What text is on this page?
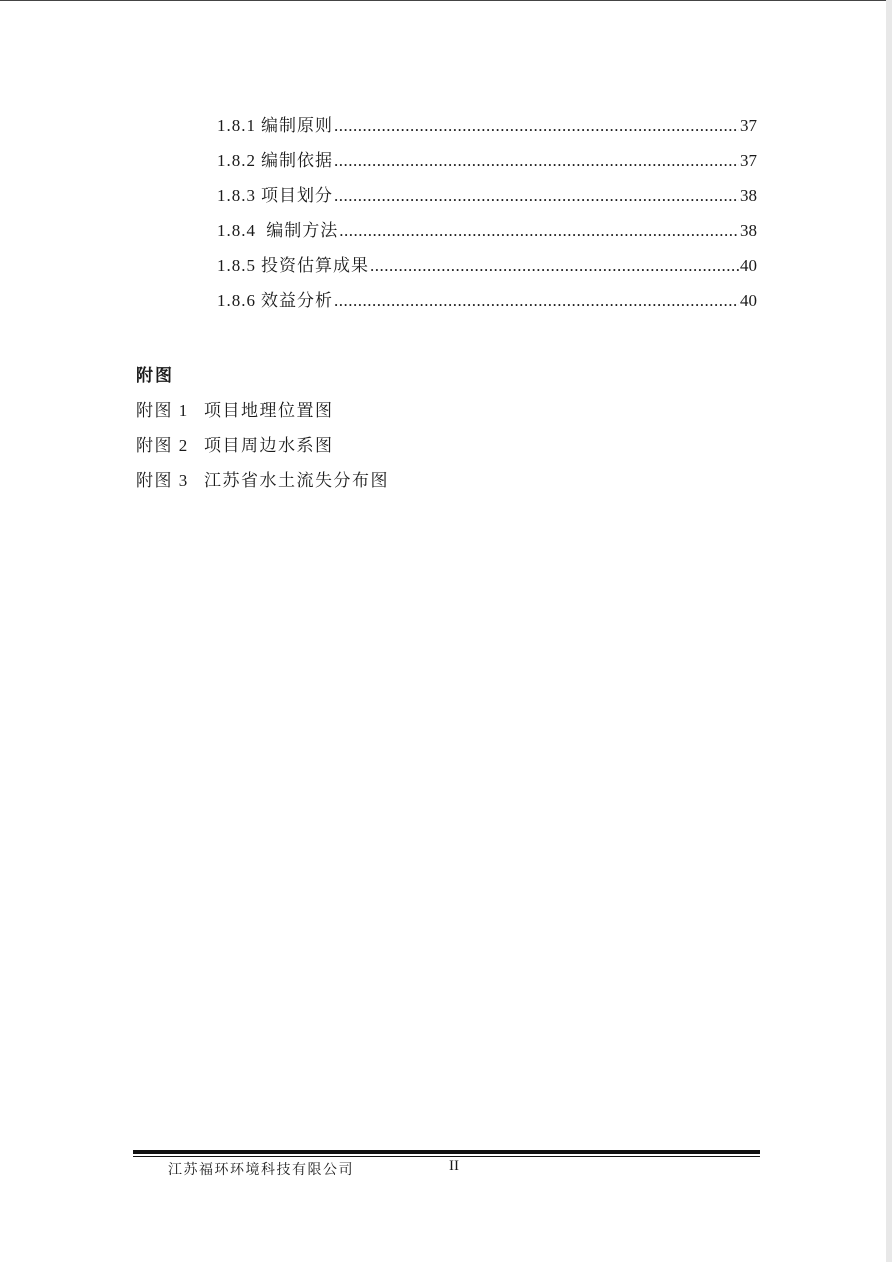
1.8.1 编制原则 .....	37
1.8.2 编制依据 .....	37
1.8.3 项目划分 .....	38
1.8.4 编制方法 .....	38
1.8.5 投资估算成果 .....	40
1.8.6 效益分析 .....	40
附图
附图 1 项目地理位置图
附图 2 项目周边水系图
附图 3 江苏省水土流失分布图
江苏福环环境科技有限公司	II
